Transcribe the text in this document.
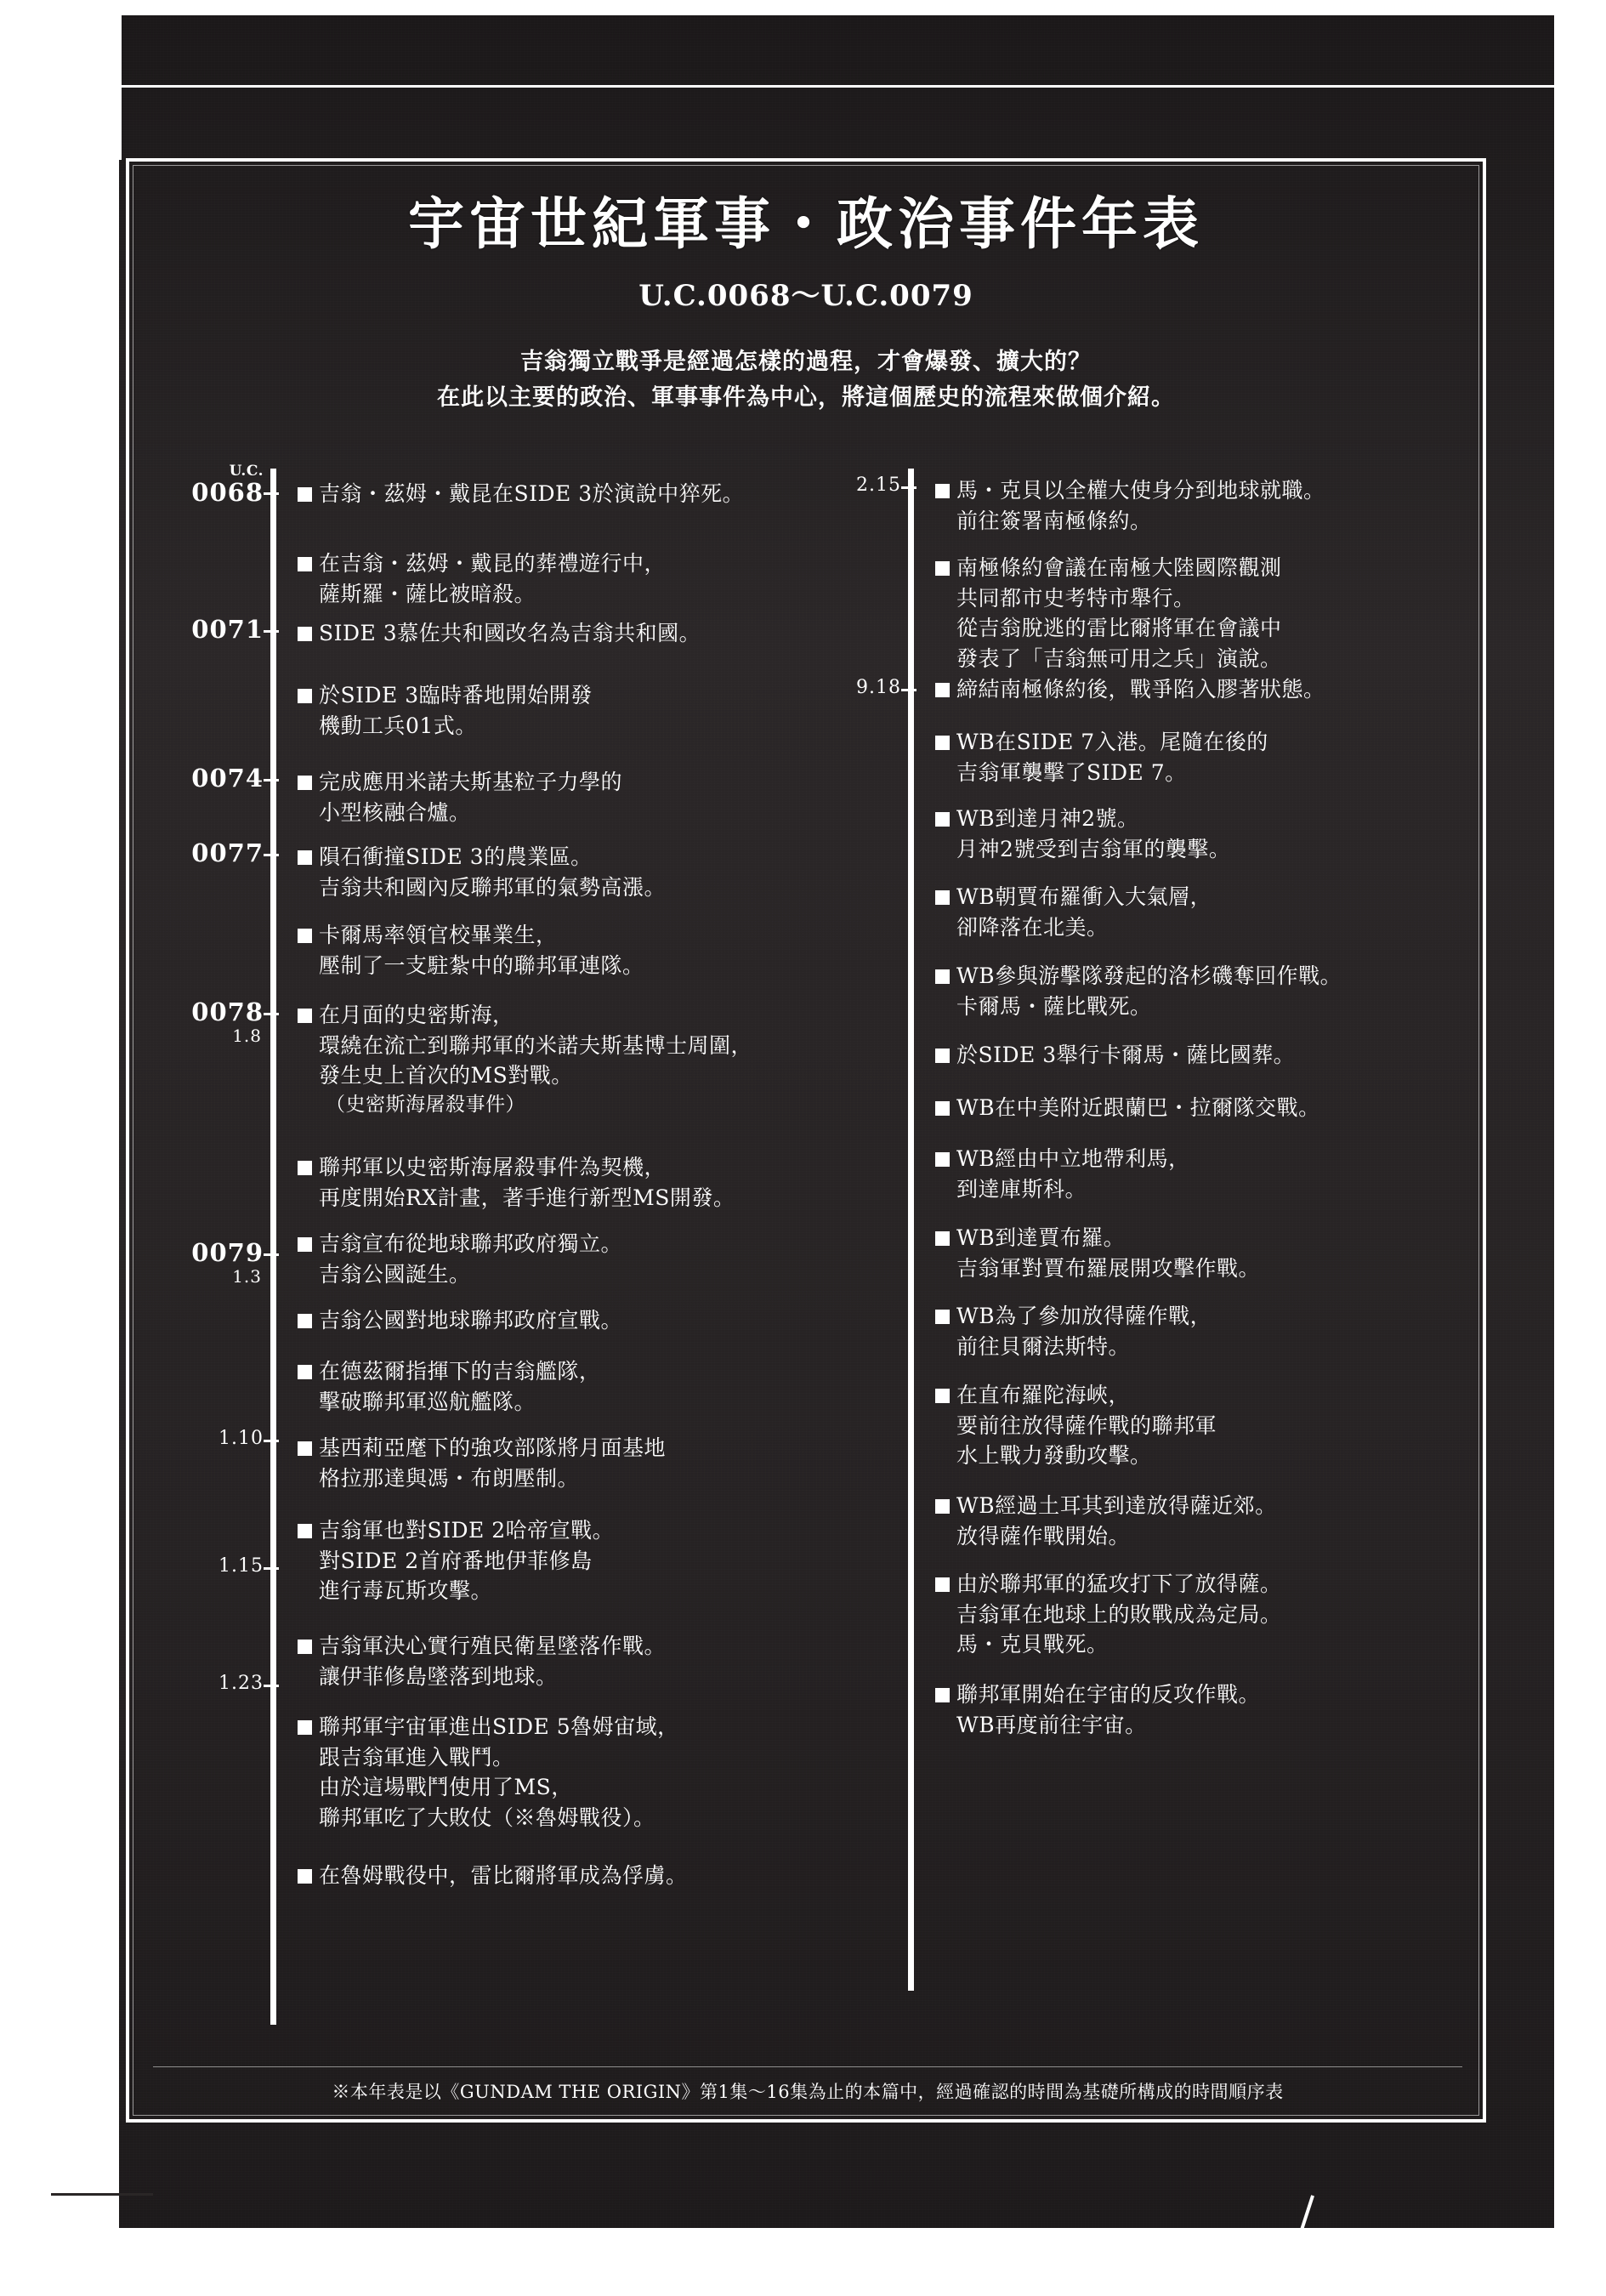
宇宙世紀軍事・政治事件年表
U.C.0068～U.C.0079
吉翁獨立戰爭是經過怎樣的過程，才會爆發、擴大的？
在此以主要的政治、軍事事件為中心，將這個歷史的流程來做個介紹。
U.C.
0068
0071
0074
0077
0078
1.8
0079
1.3
1.10
1.15
1.23
吉翁・茲姆・戴昆在SIDE 3於演說中猝死。
在吉翁・茲姆・戴昆的葬禮遊行中，
薩斯羅・薩比被暗殺。
SIDE 3慕佐共和國改名為吉翁共和國。
於SIDE 3臨時番地開始開發
機動工兵01式。
完成應用米諾夫斯基粒子力學的
小型核融合爐。
隕石衝撞SIDE 3的農業區。
吉翁共和國內反聯邦軍的氣勢高漲。
卡爾馬率領官校畢業生，
壓制了一支駐紮中的聯邦軍連隊。
在月面的史密斯海，
環繞在流亡到聯邦軍的米諾夫斯基博士周圍，
發生史上首次的MS對戰。
（史密斯海屠殺事件）
聯邦軍以史密斯海屠殺事件為契機，
再度開始RX計畫，著手進行新型MS開發。
吉翁宣布從地球聯邦政府獨立。
吉翁公國誕生。
吉翁公國對地球聯邦政府宣戰。
在德茲爾指揮下的吉翁艦隊，
擊破聯邦軍巡航艦隊。
基西莉亞麾下的強攻部隊將月面基地
格拉那達與馮・布朗壓制。
吉翁軍也對SIDE 2哈帝宣戰。
對SIDE 2首府番地伊菲修島
進行毒瓦斯攻擊。
吉翁軍決心實行殖民衛星墜落作戰。
讓伊菲修島墜落到地球。
聯邦軍宇宙軍進出SIDE 5魯姆宙域，
跟吉翁軍進入戰鬥。
由於這場戰鬥使用了MS，
聯邦軍吃了大敗仗（※魯姆戰役）。
在魯姆戰役中，雷比爾將軍成為俘虜。
2.15
9.18
馬・克貝以全權大使身分到地球就職。
前往簽署南極條約。
南極條約會議在南極大陸國際觀測
共同都市史考特市舉行。
從吉翁脫逃的雷比爾將軍在會議中
發表了「吉翁無可用之兵」演說。
締結南極條約後，戰爭陷入膠著狀態。
WB在SIDE 7入港。尾隨在後的
吉翁軍襲擊了SIDE 7。
WB到達月神2號。
月神2號受到吉翁軍的襲擊。
WB朝賈布羅衝入大氣層，
卻降落在北美。
WB參與游擊隊發起的洛杉磯奪回作戰。
卡爾馬・薩比戰死。
於SIDE 3舉行卡爾馬・薩比國葬。
WB在中美附近跟蘭巴・拉爾隊交戰。
WB經由中立地帶利馬，
到達庫斯科。
WB到達賈布羅。
吉翁軍對賈布羅展開攻擊作戰。
WB為了參加放得薩作戰，
前往貝爾法斯特。
在直布羅陀海峽，
要前往放得薩作戰的聯邦軍
水上戰力發動攻擊。
WB經過土耳其到達放得薩近郊。
放得薩作戰開始。
由於聯邦軍的猛攻打下了放得薩。
吉翁軍在地球上的敗戰成為定局。
馬・克貝戰死。
聯邦軍開始在宇宙的反攻作戰。
WB再度前往宇宙。
※本年表是以《GUNDAM THE ORIGIN》第1集～16集為止的本篇中，經過確認的時間為基礎所構成的時間順序表
062
